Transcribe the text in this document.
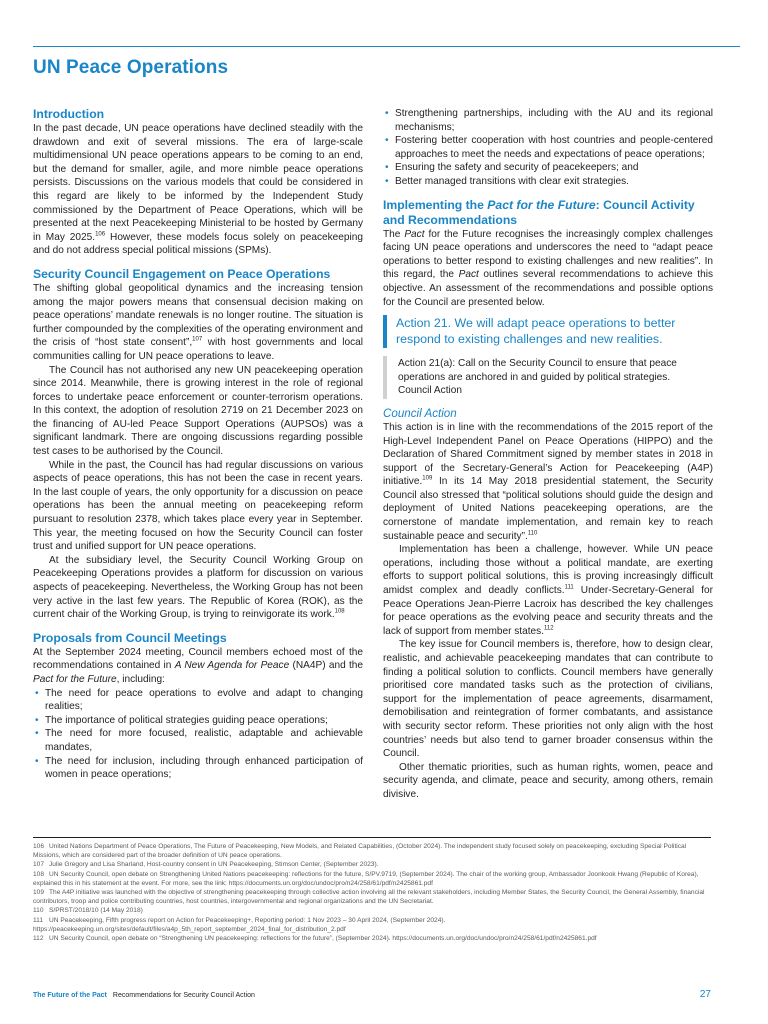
UN Peace Operations
Introduction

In the past decade, UN peace operations have declined steadily with the drawdown and exit of several missions. The era of large-scale multidimensional UN peace operations appears to be coming to an end, but the demand for smaller, agile, and more nimble peace operations persists. Discussions on the various models that could be considered in this regard are likely to be informed by the Independent Study commissioned by the Department of Peace Operations, which will be presented at the next Peacekeeping Ministerial to be hosted by Germany in May 2025.$^{106}$ However, these models focus solely on peacekeeping and do not address special political missions (SPMs).

Security Council Engagement on Peace Operations

The shifting global geopolitical dynamics and the increasing tension among the major powers means that consensual decision making on peace operations’ mandate renewals is no longer routine. The situation is further compounded by the complexities of the operating environment and the crisis of “host state consent”,$^{107}$ with host governments and local communities calling for UN peace operations to leave.

The Council has not authorised any new UN peacekeeping operation since 2014. Meanwhile, there is growing interest in the role of regional forces to undertake peace enforcement or counter-terrorism operations. In this context, the adoption of resolution 2719 on 21 December 2023 on the financing of AU-led Peace Support Operations (AUPSOs) was a significant landmark. There are ongoing discussions regarding possible test cases to be authorised by the Council.

While in the past, the Council has had regular discussions on various aspects of peace operations, this has not been the case in recent years. In the last couple of years, the only opportunity for a discussion on peace operations has been the annual meeting on peacekeeping reform pursuant to resolution 2378, which takes place every year in September. This year, the meeting focused on how the Security Council can foster trust and unified support for UN peace operations.

At the subsidiary level, the Security Council Working Group on Peacekeeping Operations provides a platform for discussion on various aspects of peacekeeping. Nevertheless, the Working Group has not been very active in the last few years. The Republic of Korea (ROK), as the current chair of the Working Group, is trying to reinvigorate its work.$^{108}$

Proposals from Council Meetings

At the September 2024 meeting, Council members echoed most of the recommendations contained in A New Agenda for Peace (NA4P) and the Pact for the Future, including:

• The need for peace operations to evolve and adapt to changing realities;
• The importance of political strategies guiding peace operations;
• The need for more focused, realistic, adaptable and achievable mandates,
• The need for inclusion, including through enhanced participation of women in peace operations;
• Strengthening partnerships, including with the AU and its regional mechanisms;
• Fostering better cooperation with host countries and people-centered approaches to meet the needs and expectations of peace operations;
• Ensuring the safety and security of peacekeepers; and
• Better managed transitions with clear exit strategies.
Implementing the Pact for the Future: Council Activity and Recommendations

The Pact for the Future recognises the increasingly complex challenges facing UN peace operations and underscores the need to “adapt peace operations to better respond to existing challenges and new realities”. In this regard, the Pact outlines several recommendations to achieve this objective. An assessment of the recommendations and possible options for the Council are presented below.

Action 21. We will adapt peace operations to better respond to existing challenges and new realities.
Action 21(a): Call on the Security Council to ensure that peace operations are anchored in and guided by political strategies.
Council Action
Council Action

This action is in line with the recommendations of the 2015 report of the High-Level Independent Panel on Peace Operations (HIPPO) and the Declaration of Shared Commitment signed by member states in 2018 in support of the Secretary-General’s Action for Peacekeeping (A4P) initiative.$^{109}$ In its 14 May 2018 presidential statement, the Security Council also stressed that “political solutions should guide the design and deployment of United Nations peacekeeping operations, are the cornerstone of mandate implementation, and remain key to reach sustainable peace and security”.$^{110}$

Implementation has been a challenge, however. While UN peace operations, including those without a political mandate, are exerting efforts to support political solutions, this is proving increasingly difficult amidst complex and deadly conflicts.$^{111}$ Under-Secretary-General for Peace Operations Jean-Pierre Lacroix has described the key challenges for peace operations as the evolving peace and security threats and the lack of support from member states.$^{112}$

The key issue for Council members is, therefore, how to design clear, realistic, and achievable peacekeeping mandates that can contribute to finding a political solution to conflicts. Council members have generally prioritised core mandated tasks such as the protection of civilians, support for the implementation of peace agreements, disarmament, demobilisation and reintegration of former combatants, and assistance with security sector reform. These priorities not only align with the host countries’ needs but also tend to garner broader consensus within the Council.

Other thematic priorities, such as human rights, women, peace and security agenda, and climate, peace and security, among others, remain divisive.

106 United Nations Department of Peace Operations, The Future of Peacekeeping, New Models, and Related Capabilities, (October 2024). The independent study focused solely on peacekeeping, excluding Special Political Missions, which are considered part of the broader definition of UN peace operations.
107 Julie Gregory and Lisa Sharland, Host-country consent in UN Peacekeeping, Stimson Center, (September 2023).
108 UN Security Council, open debate on Strengthening United Nations peacekeeping: reflections for the future, S/PV.9719, (September 2024). The chair of the working group, Ambassador Joonkook Hwang (Republic of Korea), explained this in his statement at the event. For more, see the link: https://documents.un.org/doc/undoc/pro/n24/258/61/pdf/n2425861.pdf
109 The A4P initiative was launched with the objective of strengthening peacekeeping through collective action involving all the relevant stakeholders, including Member States, the Security Council, the General Assembly, financial contributors, troop and police contributing countries, host countries, intergovernmental and regional organizations and the UN Secretariat.
110 S/PRST/2018/10 (14 May 2018)
111 UN Peacekeeping, Fifth progress report on Action for Peacekeeping+, Reporting period: 1 Nov 2023 – 30 April 2024, (September 2024). https://peacekeeping.un.org/sites/default/files/a4p_5th_report_september_2024_final_for_distribution_2.pdf
112 UN Security Council, open debate on “Strengthening UN peacekeeping: reflections for the future”, (September 2024). https://documents.un.org/doc/undoc/pro/n24/258/61/pdf/n2425861.pdf
The Future of the Pact Recommendations for Security Council Action	27
